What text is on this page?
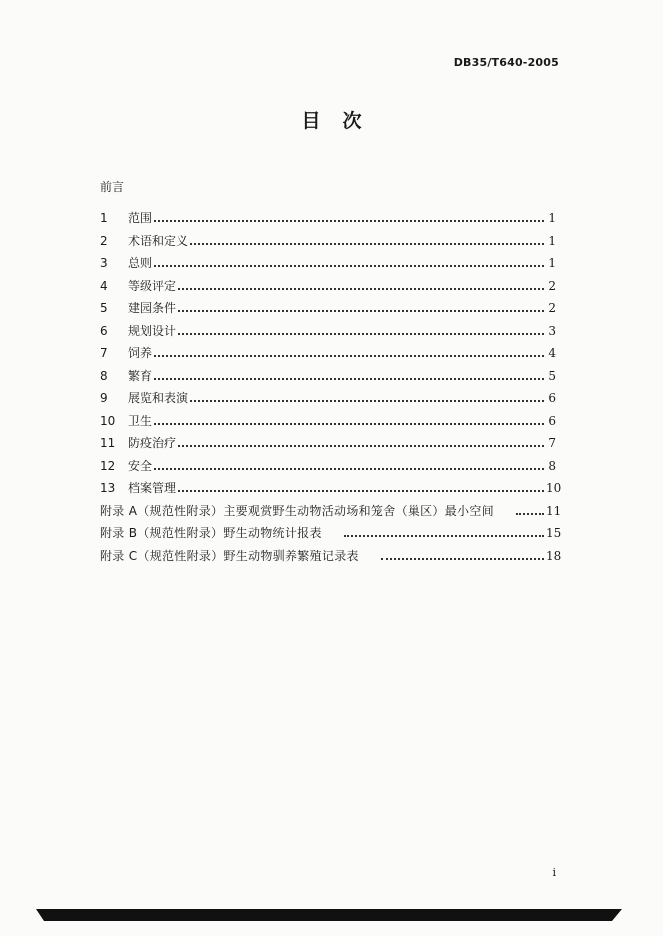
DB35/T640-2005
目次
前言
1	范围	1
2	术语和定义	1
3	总则	1
4	等级评定	2
5	建园条件	2
6	规划设计	3
7	饲养	4
8	繁育	5
9	展览和表演	6
10	卫生	6
11	防疫治疗	7
12	安全	8
13	档案管理	10
附录 A（规范性附录）主要观赏野生动物活动场和笼舍（巢区）最小空间	11
附录 B（规范性附录）野生动物统计报表	15
附录 C（规范性附录）野生动物驯养繁殖记录表	18
i
